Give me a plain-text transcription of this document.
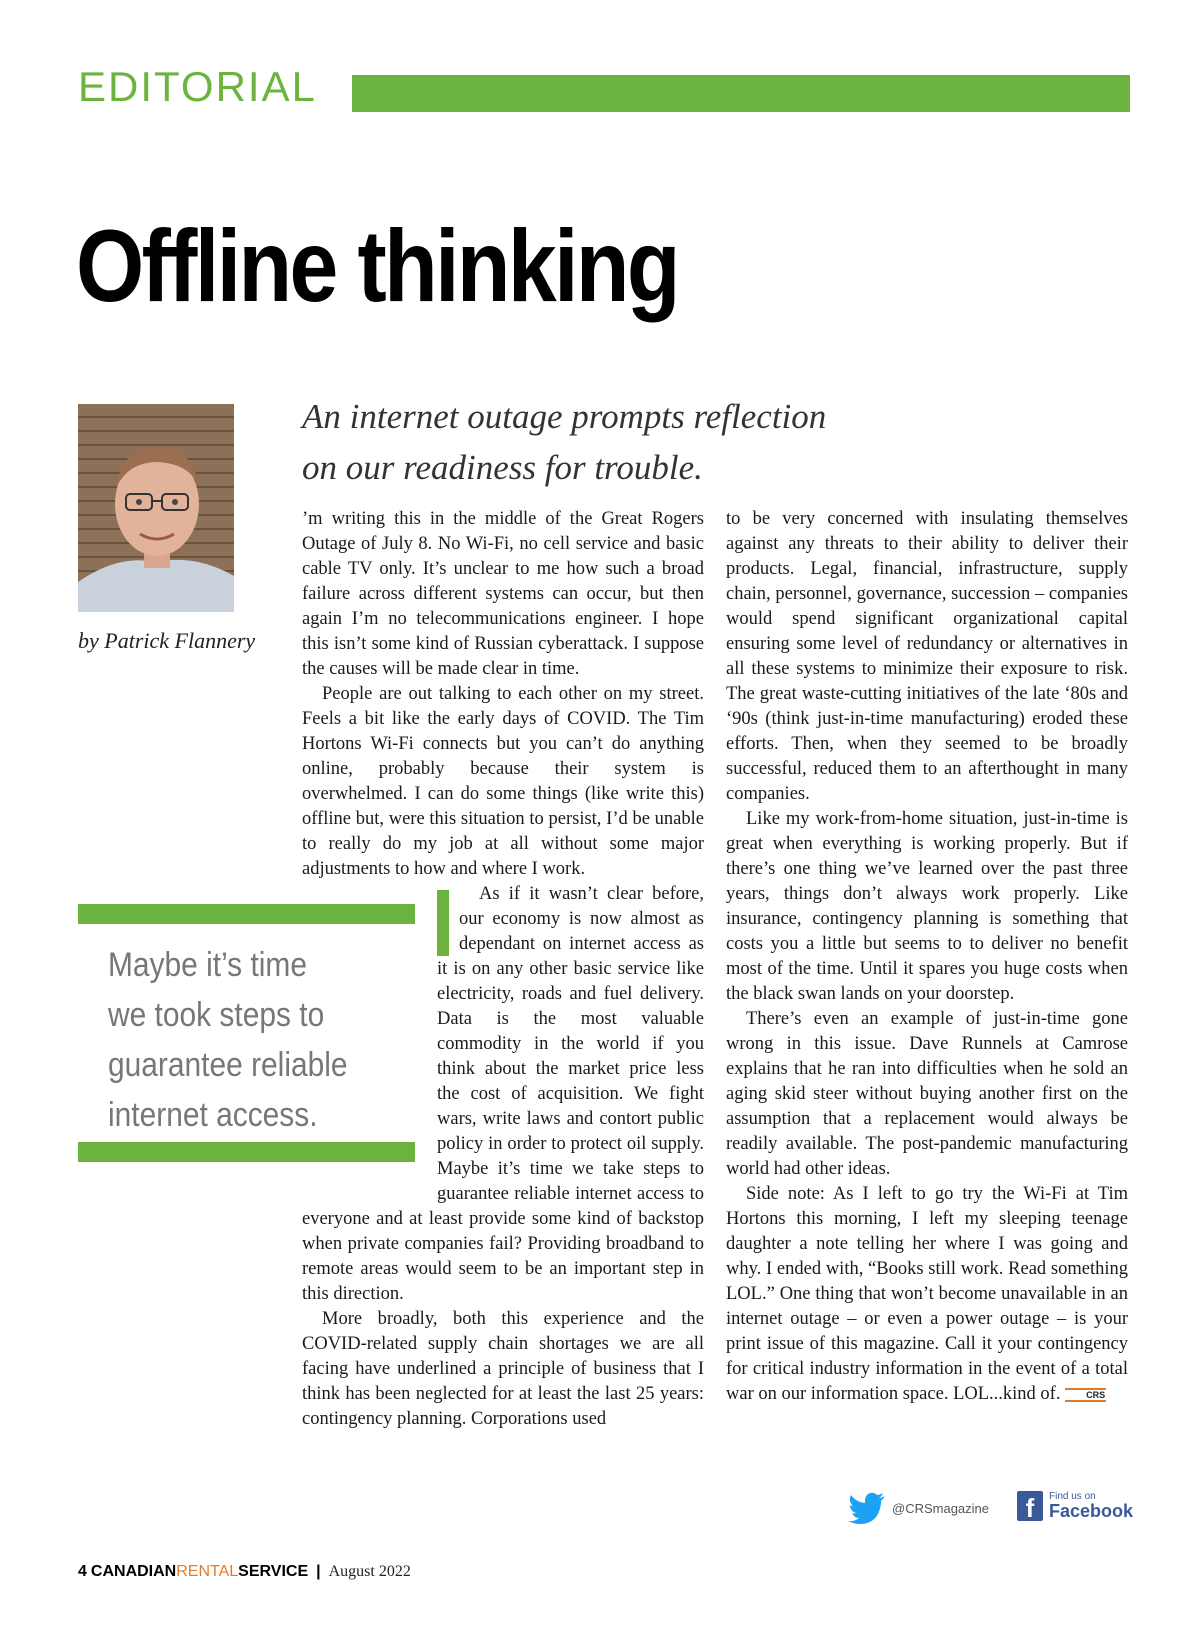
EDITORIAL
Offline thinking
by Patrick Flannery
An internet outage prompts reflection
on our readiness for trouble.

’m writing this in the middle of the Great Rogers Outage of July 8. No Wi-Fi, no cell service and basic cable TV only. It’s unclear to me how such a broad failure across different systems can occur, but then again I’m no telecommunications engineer. I hope this isn’t some kind of Russian cyberattack. I suppose the causes will be made clear in time.

People are out talking to each other on my street. Feels a bit like the early days of COVID. The Tim Hortons Wi-Fi connects but you can’t do anything online, probably because their system is overwhelmed. I can do some things (like write this) offline but, were this situation to persist, I’d be unable to really do my job at all without some major adjustments to how and where I work.

As if it wasn’t clear before, our economy is now almost as dependant on internet access as it is on any other basic service like electricity, roads and fuel delivery. Data is the most valuable commodity in the world if you think about the market price less the cost of acquisition. We fight wars, write laws and contort public policy in order to protect oil supply. Maybe it’s time we take steps to guarantee reliable internet access to everyone and at least provide some kind of backstop when private companies fail? Providing broadband to remote areas would seem to be an important step in this direction.

More broadly, both this experience and the COVID-related supply chain shortages we are all facing have underlined a principle of business that I think has been neglected for at least the last 25 years: contingency planning. Corporations used

to be very concerned with insulating themselves against any threats to their ability to deliver their products. Legal, financial, infrastructure, supply chain, personnel, governance, succession – companies would spend significant organizational capital ensuring some level of redundancy or alternatives in all these systems to minimize their exposure to risk. The great waste-cutting initiatives of the late ‘80s and ‘90s (think just-in-time manufacturing) eroded these efforts. Then, when they seemed to be broadly successful, reduced them to an afterthought in many companies.

Like my work-from-home situation, just-in-time is great when everything is working properly. But if there’s one thing we’ve learned over the past three years, things don’t always work properly. Like insurance, contingency planning is something that costs you a little but seems to to deliver no benefit most of the time. Until it spares you huge costs when the black swan lands on your doorstep.

There’s even an example of just-in-time gone wrong in this issue. Dave Runnels at Camrose explains that he ran into difficulties when he sold an aging skid steer without buying another first on the assumption that a replacement would always be readily available. The post-pandemic manufacturing world had other ideas.

Side note: As I left to go try the Wi-Fi at Tim Hortons this morning, I left my sleeping teenage daughter a note telling her where I was going and why. I ended with, “Books still work. Read something LOL.” One thing that won’t become unavailable in an internet outage – or even a power outage – is your print issue of this magazine. Call it your contingency for critical industry information in the event of a total war on our information space. LOL...kind of.	CRS

Maybe it’s time
we took steps to
guarantee reliable
internet access.
@CRSmagazine	f	Find us on
Facebook
4 CANADIAN RENTAL SERVICE | August 2022
